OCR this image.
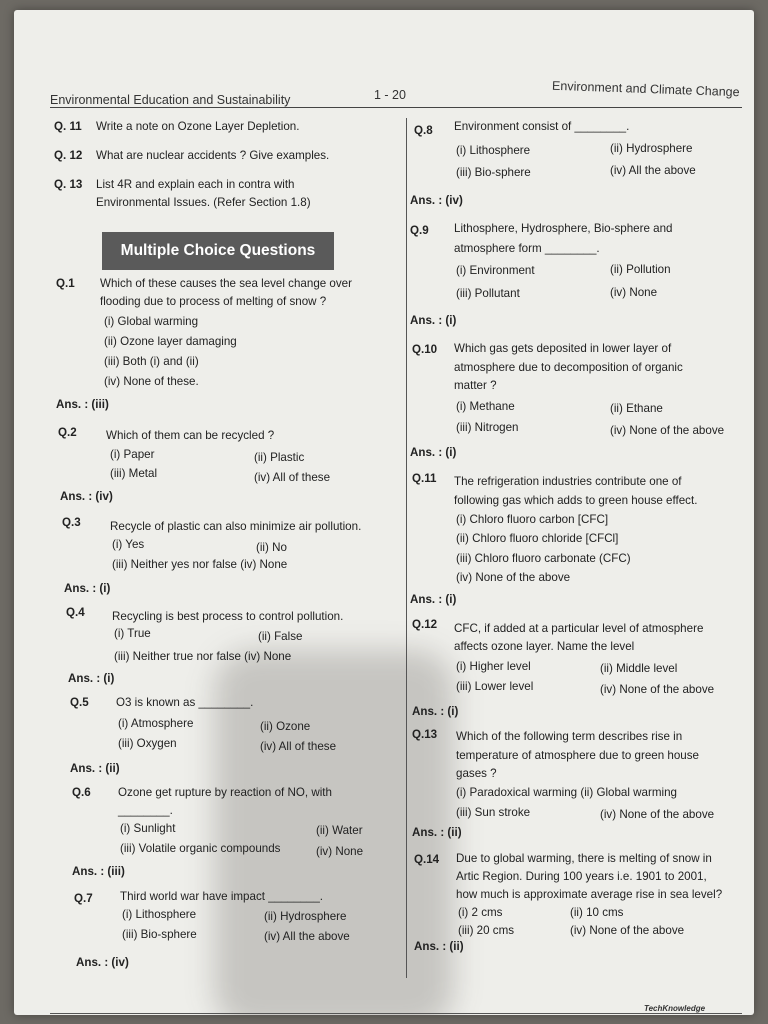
Environmental Education and Sustainability	1 - 20	Environment and Climate Change
Multiple Choice Questions
Q. 11 Write a note on Ozone Layer Depletion.
Q. 12 What are nuclear accidents ? Give examples.
Q. 13 List 4R and explain each in contra with
Environmental Issues. (Refer Section 1.8)
Q.1 Which of these causes the sea level change over
flooding due to process of melting of snow ?
(i) Global warming
(ii) Ozone layer damaging
(iii) Both (i) and (ii)
(iv) None of these.
Ans. : (iii)
Q.2	Which of them can be recycled ?
(i) Paper	(ii) Plastic
(iii) Metal	(iv) All of these
Ans. : (iv)
Q.3	Recycle of plastic can also minimize air pollution.
(i) Yes	(ii) No
(iii) Neither yes nor false (iv) None
Ans. : (i)
Q.4 Recycling is best process to control pollution.
(i) True	(ii) False
(iii) Neither true nor false (iv) None
Ans. : (i)
Q.5 O3 is known as ________.
(i) Atmosphere	(ii) Ozone
(iii) Oxygen	(iv) All of these
Ans. : (ii)
Q.6 Ozone get rupture by reaction of NO, with
________.
(i) Sunlight	(ii) Water
(iii) Volatile organic compounds	(iv) None
Ans. : (iii)
Q.7 Third world war have impact ________.
(i) Lithosphere	(ii) Hydrosphere
(iii) Bio-sphere	(iv) All the above
Ans. : (iv)
Q.8 Environment consist of ________.
(i) Lithosphere	(ii) Hydrosphere
(iii) Bio-sphere	(iv) All the above
Ans. : (iv)
Q.9 Lithosphere, Hydrosphere, Bio-sphere and
atmosphere form ________.
(i) Environment	(ii) Pollution
(iii) Pollutant	(iv) None
Ans. : (i)
Q.10 Which gas gets deposited in lower layer of
atmosphere due to decomposition of organic
matter ?
(i) Methane	(ii) Ethane
(iii) Nitrogen	(iv) None of the above
Ans. : (i)
Q.11 The refrigeration industries contribute one of
following gas which adds to green house effect.
(i) Chloro fluoro carbon [CFC]
(ii) Chloro fluoro chloride [CFCl]
(iii) Chloro fluoro carbonate (CFC)
(iv) None of the above
Ans. : (i)
Q.12 CFC, if added at a particular level of atmosphere
affects ozone layer. Name the level
(i) Higher level	(ii) Middle level
(iii) Lower level	(iv) None of the above
Ans. : (i)
Q.13 Which of the following term describes rise in
temperature of atmosphere due to green house
gases ?
(i) Paradoxical warming (ii) Global warming
(iii) Sun stroke	(iv) None of the above
Ans. : (ii)
Q.14 Due to global warming, there is melting of snow in
Artic Region. During 100 years i.e. 1901 to 2001,
how much is approximate average rise in sea level?
(i) 2 cms	(ii) 10 cms
(iii) 20 cms	(iv) None of the above
Ans. : (ii)
TechKnowledge
